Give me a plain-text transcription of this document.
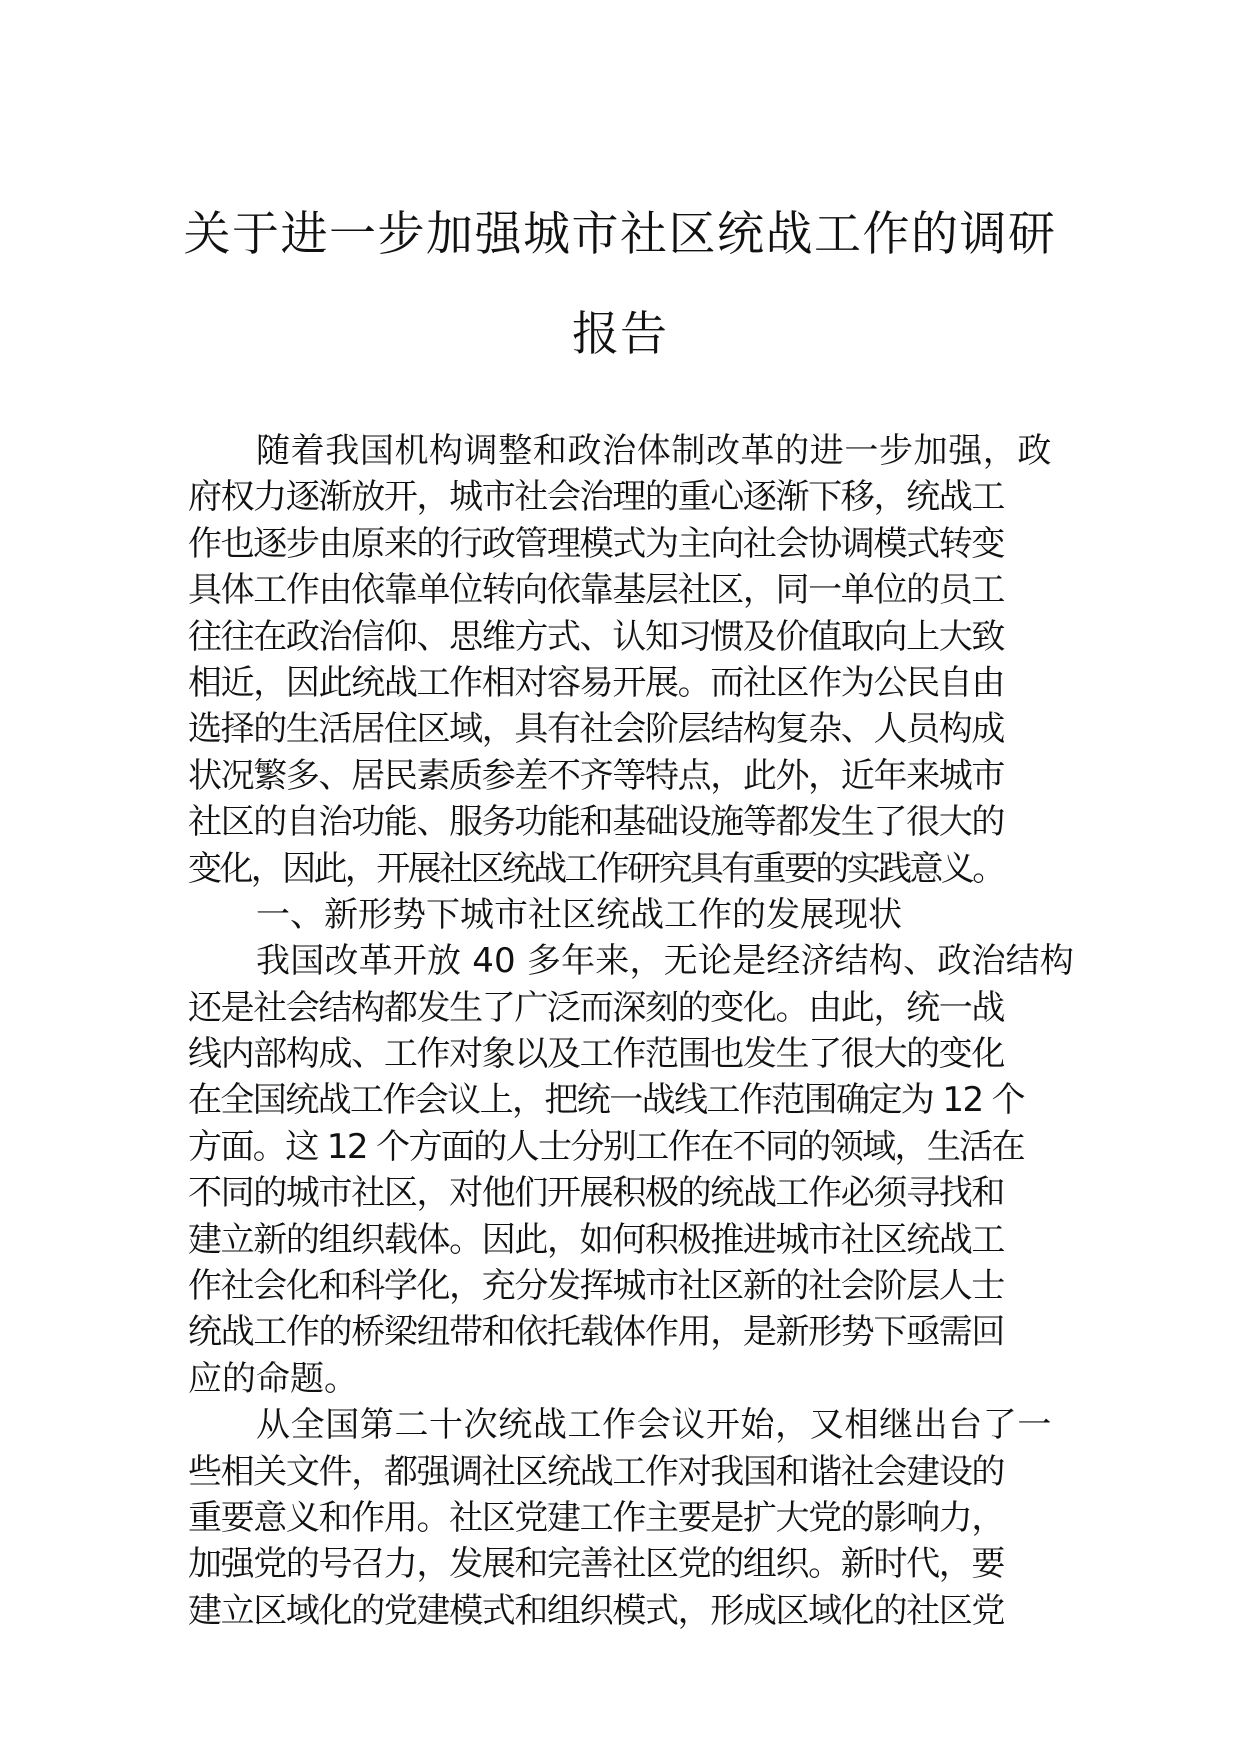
关于进一步加强城市社区统战工作的调研
报告
随着我国机构调整和政治体制改革的进一步加强，政
府权力逐渐放开，城市社会治理的重心逐渐下移，统战工
作也逐步由原来的行政管理模式为主向社会协调模式转变
具体工作由依靠单位转向依靠基层社区，同一单位的员工
往往在政治信仰、思维方式、认知习惯及价值取向上大致
相近，因此统战工作相对容易开展。而社区作为公民自由
选择的生活居住区域，具有社会阶层结构复杂、人员构成
状况繁多、居民素质参差不齐等特点，此外，近年来城市
社区的自治功能、服务功能和基础设施等都发生了很大的
变化，因此，开展社区统战工作研究具有重要的实践意义。
一、新形势下城市社区统战工作的发展现状
我国改革开放 40 多年来，无论是经济结构、政治结构
还是社会结构都发生了广泛而深刻的变化。由此，统一战
线内部构成、工作对象以及工作范围也发生了很大的变化
在全国统战工作会议上，把统一战线工作范围确定为 12 个
方面。这 12 个方面的人士分别工作在不同的领域，生活在
不同的城市社区，对他们开展积极的统战工作必须寻找和
建立新的组织载体。因此，如何积极推进城市社区统战工
作社会化和科学化，充分发挥城市社区新的社会阶层人士
统战工作的桥梁纽带和依托载体作用，是新形势下亟需回
应的命题。
从全国第二十次统战工作会议开始，又相继出台了一
些相关文件，都强调社区统战工作对我国和谐社会建设的
重要意义和作用。社区党建工作主要是扩大党的影响力，
加强党的号召力，发展和完善社区党的组织。新时代，要
建立区域化的党建模式和组织模式，形成区域化的社区党
